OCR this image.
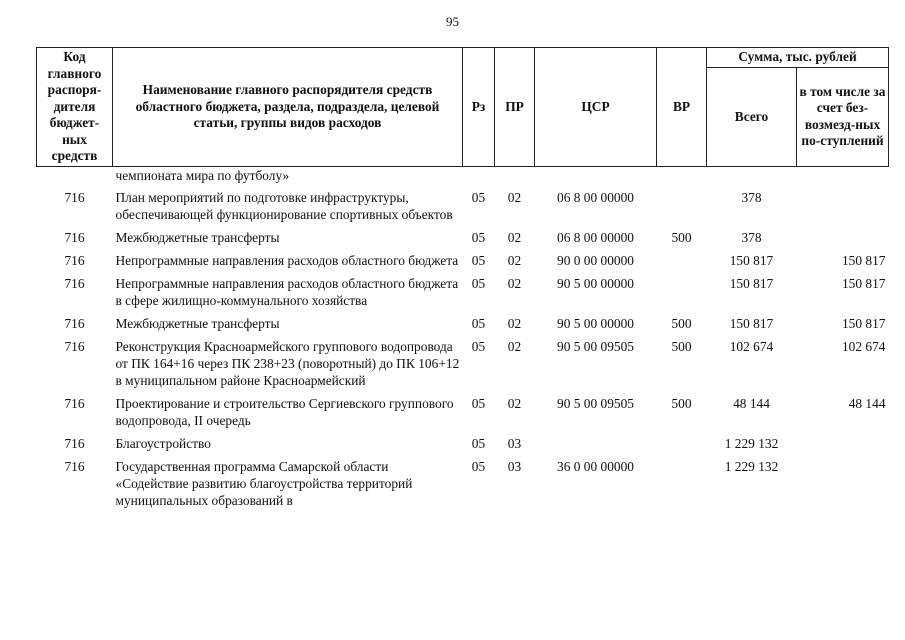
95
Код главного распоря-дителя бюджет-ных средств	Наименование главного распорядителя средств областного бюджета, раздела, подраздела, целевой статьи, группы видов расходов	Рз	ПР	ЦСР	ВР	Сумма, тыс. рублей	
						Всего	в том числе за счет без-возмезд-ных по-ступлений
	чемпионата мира по футболу»						
716	План мероприятий по подготовке инфраструктуры, обеспечивающей функционирование спортивных объектов	05	02	06 8 00 00000		378	
716	Межбюджетные трансферты	05	02	06 8 00 00000	500	378	
716	Непрограммные направления расходов областного бюджета	05	02	90 0 00 00000		150 817	150 817
716	Непрограммные направления расходов областного бюджета в сфере жилищно-коммунального хозяйства	05	02	90 5 00 00000		150 817	150 817
716	Межбюджетные трансферты	05	02	90 5 00 00000	500	150 817	150 817
716	Реконструкция Красноармейского группового водопровода от ПК 164+16 через ПК 238+23 (поворотный) до ПК 106+12 в муниципальном районе Красноармейский	05	02	90 5 00 09505	500	102 674	102 674
716	Проектирование и строительство Сергиевского группового водопровода, II очередь	05	02	90 5 00 09505	500	48 144	48 144
716	Благоустройство	05	03			1 229 132	
716	Государственная программа Самарской области «Содействие развитию благоустройства территорий муниципальных образований в	05	03	36 0 00 00000		1 229 132	
